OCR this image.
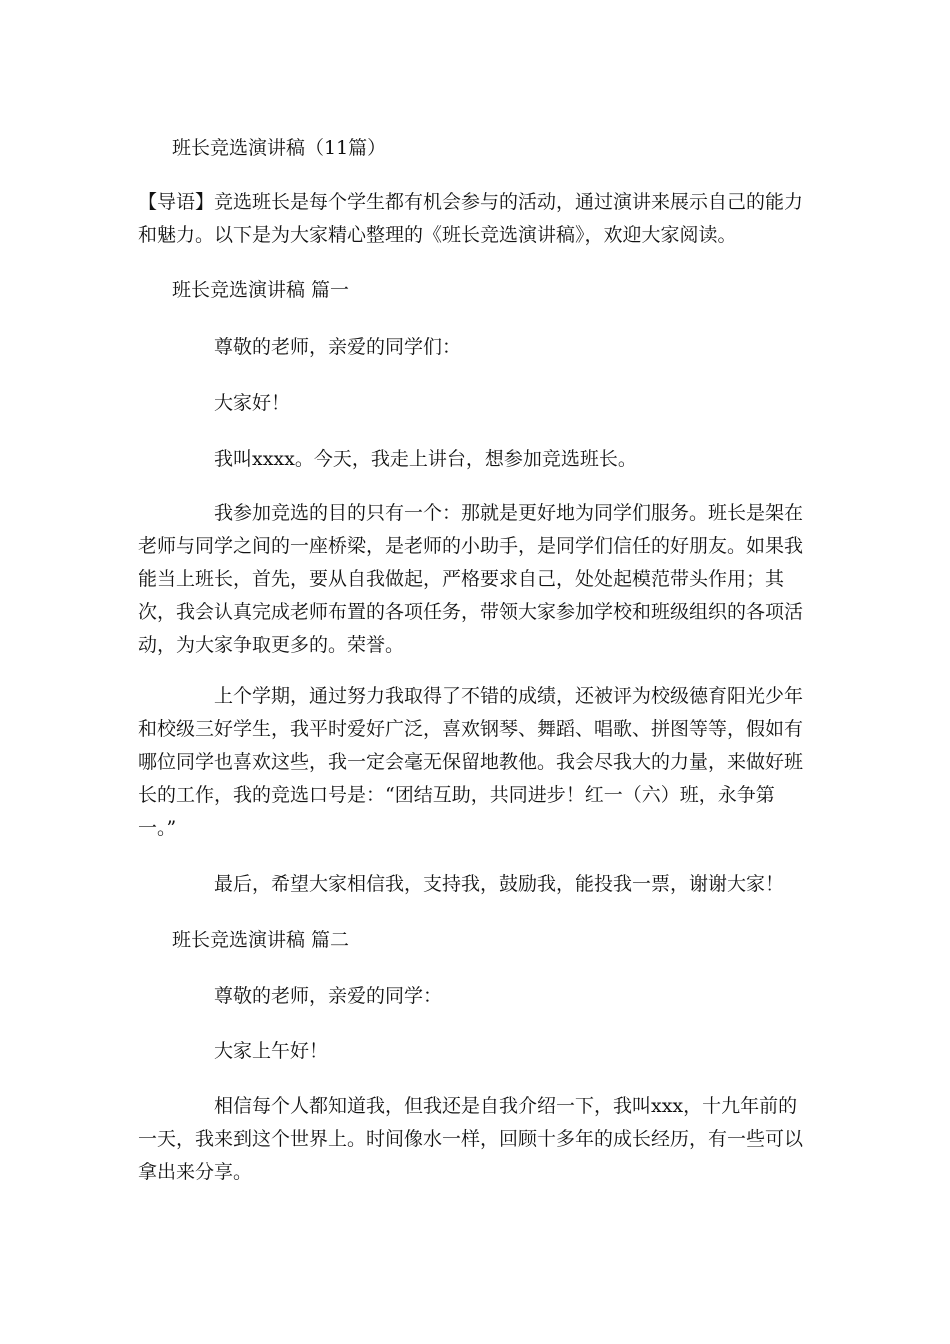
班长竞选演讲稿（11篇）

【导语】竞选班长是每个学生都有机会参与的活动，通过演讲来展示自己的能力和魅力。以下是为大家精心整理的《班长竞选演讲稿》，欢迎大家阅读。

班长竞选演讲稿 篇一

尊敬的老师，亲爱的同学们：

大家好！

我叫xxxx。今天，我走上讲台，想参加竞选班长。

我参加竞选的目的只有一个：那就是更好地为同学们服务。班长是架在老师与同学之间的一座桥梁，是老师的小助手，是同学们信任的好朋友。如果我能当上班长，首先，要从自我做起，严格要求自己，处处起模范带头作用；其次，我会认真完成老师布置的各项任务，带领大家参加学校和班级组织的各项活动，为大家争取更多的。荣誉。

上个学期，通过努力我取得了不错的成绩，还被评为校级德育阳光少年和校级三好学生，我平时爱好广泛，喜欢钢琴、舞蹈、唱歌、拼图等等，假如有哪位同学也喜欢这些，我一定会毫无保留地教他。我会尽我大的力量，来做好班长的工作，我的竞选口号是：“团结互助，共同进步！红一（六）班，永争第一。”

最后，希望大家相信我，支持我，鼓励我，能投我一票，谢谢大家！

班长竞选演讲稿 篇二

尊敬的老师，亲爱的同学：

大家上午好！

相信每个人都知道我，但我还是自我介绍一下，我叫xxx，十九年前的一天，我来到这个世界上。时间像水一样，回顾十多年的成长经历，有一些可以拿出来分享。
